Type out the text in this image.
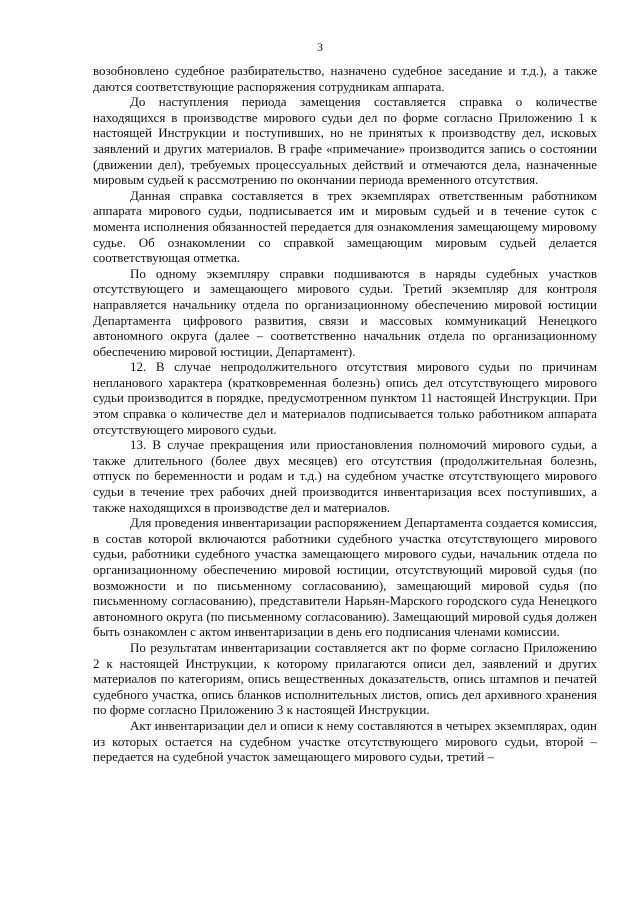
3

возобновлено судебное разбирательство, назначено судебное заседание и т.д.), а также даются соответствующие распоряжения сотрудникам аппарата.

До наступления периода замещения составляется справка о количестве находящихся в производстве мирового судьи дел по форме согласно Приложению 1 к настоящей Инструкции и поступивших, но не принятых к производству дел, исковых заявлений и других материалов. В графе «примечание» производится запись о состоянии (движении дел), требуемых процессуальных действий и отмечаются дела, назначенные мировым судьей к рассмотрению по окончании периода временного отсутствия.

Данная справка составляется в трех экземплярах ответственным работником аппарата мирового судьи, подписывается им и мировым судьей и в течение суток с момента исполнения обязанностей передается для ознакомления замещающему мировому судье. Об ознакомлении со справкой замещающим мировым судьей делается соответствующая отметка.

По одному экземпляру справки подшиваются в наряды судебных участков отсутствующего и замещающего мирового судьи. Третий экземпляр для контроля направляется начальнику отдела по организационному обеспечению мировой юстиции Департамента цифрового развития, связи и массовых коммуникаций Ненецкого автономного округа (далее – соответственно начальник отдела по организационному обеспечению мировой юстиции, Департамент).

12. В случае непродолжительного отсутствия мирового судьи по причинам непланового характера (кратковременная болезнь) опись дел отсутствующего мирового судьи производится в порядке, предусмотренном пунктом 11 настоящей Инструкции. При этом справка о количестве дел и материалов подписывается только работником аппарата отсутствующего мирового судьи.

13. В случае прекращения или приостановления полномочий мирового судьи, а также длительного (более двух месяцев) его отсутствия (продолжительная болезнь, отпуск по беременности и родам и т.д.) на судебном участке отсутствующего мирового судьи в течение трех рабочих дней производится инвентаризация всех поступивших, а также находящихся в производстве дел и материалов.

Для проведения инвентаризации распоряжением Департамента создается комиссия, в состав которой включаются работники судебного участка отсутствующего мирового судьи, работники судебного участка замещающего мирового судьи, начальник отдела по организационному обеспечению мировой юстиции, отсутствующий мировой судья (по возможности и по письменному согласованию), замещающий мировой судья (по письменному согласованию), представители Нарьян-Марского городского суда Ненецкого автономного округа (по письменному согласованию). Замещающий мировой судья должен быть ознакомлен с актом инвентаризации в день его подписания членами комиссии.

По результатам инвентаризации составляется акт по форме согласно Приложению 2 к настоящей Инструкции, к которому прилагаются описи дел, заявлений и других материалов по категориям, опись вещественных доказательств, опись штампов и печатей судебного участка, опись бланков исполнительных листов, опись дел архивного хранения по форме согласно Приложению 3 к настоящей Инструкции.

Акт инвентаризации дел и описи к нему составляются в четырех экземплярах, один из которых остается на судебном участке отсутствующего мирового судьи, второй – передается на судебной участок замещающего мирового судьи, третий –
